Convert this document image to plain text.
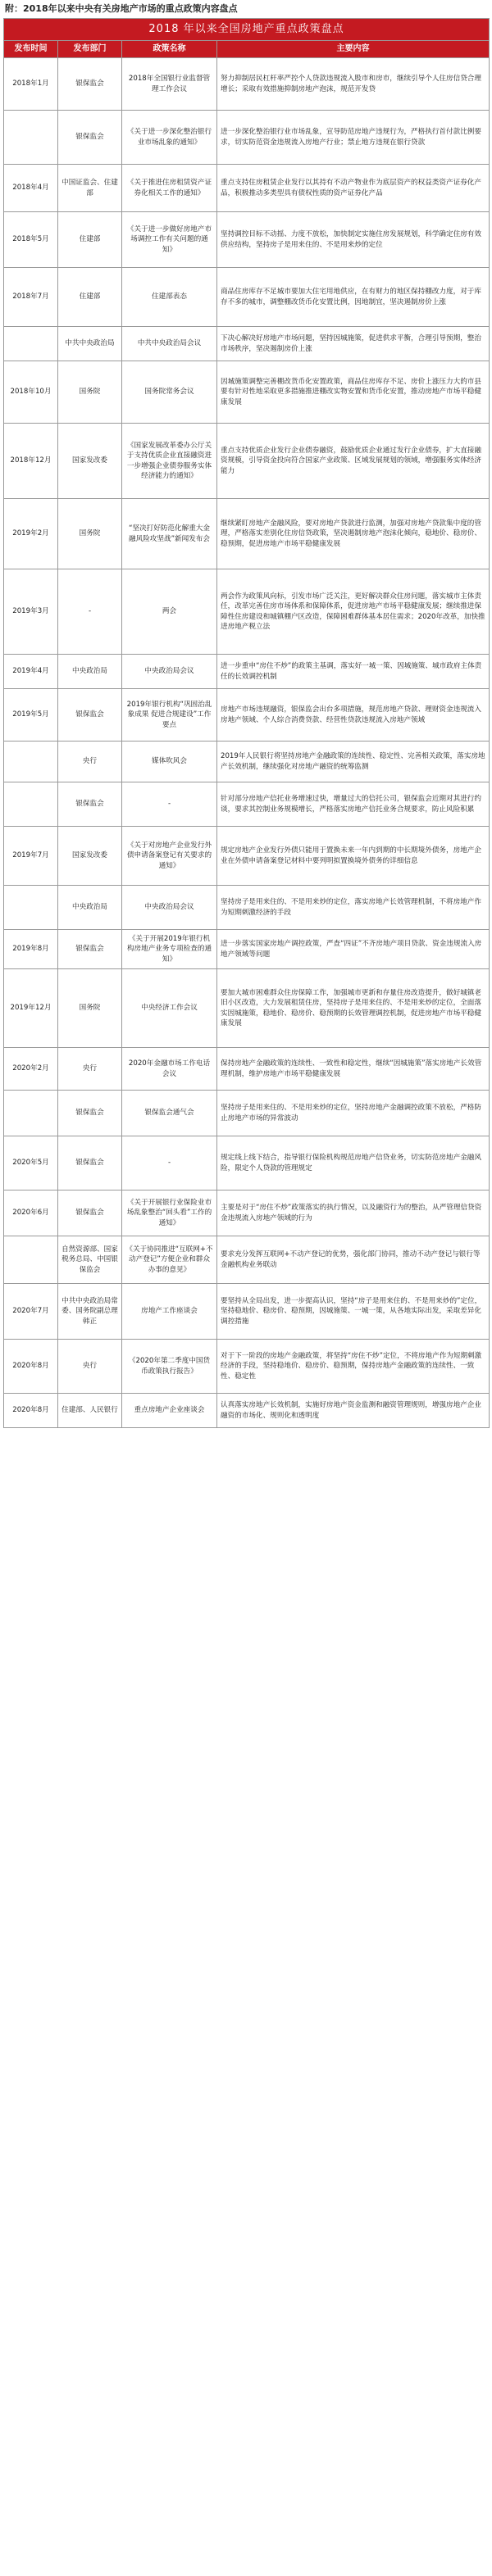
附：2018年以来中央有关房地产市场的重点政策内容盘点
2018 年以来全国房地产重点政策盘点			
发布时间	发布部门	政策名称	主要内容
2018年1月	银保监会	2018年全国银行业监督管理工作会议	努力抑制居民杠杆率严控个人贷款违规流入股市和房市，继续引导个人住房信贷合理增长；采取有效措施抑制房地产泡沫，规范开发贷
	银保监会	《关于进一步深化整治银行业市场乱象的通知》	进一步深化整治银行业市场乱象，宣导防范房地产违规行为，严格执行首付款比例要求，切实防范资金违规流入房地产行业；禁止地方违规在银行贷款
2018年4月	中国证监会、住建部	《关于推进住房租赁资产证券化相关工作的通知》	重点支持住房租赁企业发行以其持有不动产物业作为底层资产的权益类资产证券化产品，积极推动多类型具有债权性质的资产证券化产品
2018年5月	住建部	《关于进一步做好房地产市场调控工作有关问题的通知》	坚持调控目标不动摇、力度不放松，加快制定实施住房发展规划，科学确定住房有效供应结构，坚持房子是用来住的、不是用来炒的定位
2018年7月	住建部	住建部表态	商品住房库存不足城市要加大住宅用地供应，在有财力的地区保持棚改力度，对于库存不多的城市，调整棚改货币化安置比例，因地制宜，坚决遏制房价上涨
	中共中央政治局	中共中央政治局会议	下决心解决好房地产市场问题，坚持因城施策，促进供求平衡，合理引导预期，整治市场秩序，坚决遏制房价上涨
2018年10月	国务院	国务院常务会议	因城施策调整完善棚改货币化安置政策，商品住房库存不足、房价上涨压力大的市县要有针对性地采取更多措施推进棚改实物安置和货币化安置，推动房地产市场平稳健康发展
2018年12月	国家发改委	《国家发展改革委办公厅关于支持优质企业直接融资进一步增强企业债券服务实体经济能力的通知》	重点支持优质企业发行企业债券融资，鼓励优质企业通过发行企业债券，扩大直接融资规模，引导资金投向符合国家产业政策、区域发展规划的领域，增强服务实体经济能力
2019年2月	国务院	“坚决打好防范化解重大金融风险攻坚战”新闻发布会	继续紧盯房地产金融风险，要对房地产贷款进行监测，加强对房地产贷款集中度的管理，严格落实差别化住房信贷政策，坚决遏制房地产泡沫化倾向，稳地价、稳房价、稳预期，促进房地产市场平稳健康发展
2019年3月	-	两会	两会作为政策风向标，引发市场广泛关注，更好解决群众住房问题，落实城市主体责任，改革完善住房市场体系和保障体系，促进房地产市场平稳健康发展；继续推进保障性住房建设和城镇棚户区改造，保障困难群体基本居住需求；2020年改革，加快推进房地产税立法
2019年4月	中央政治局	中央政治局会议	进一步重申“房住不炒”的政策主基调，落实好一城一策、因城施策、城市政府主体责任的长效调控机制
2019年5月	银保监会	2019年银行机构“巩固治乱象成果 促进合规建设”工作要点	房地产市场违规融资，银保监会出台多项措施，规范房地产贷款、理财资金违规流入房地产领域、个人综合消费贷款、经营性贷款违规流入房地产领域
	央行	媒体吹风会	2019年人民银行将坚持房地产金融政策的连续性、稳定性、完善相关政策，落实房地产长效机制，继续强化对房地产融资的统筹监测
	银保监会	-	针对部分房地产信托业务增速过快，增量过大的信托公司，银保监会近期对其进行约谈，要求其控制业务规模增长，严格落实房地产信托业务合规要求，防止风险积累
2019年7月	国家发改委	《关于对房地产企业发行外债申请备案登记有关要求的通知》	规定房地产企业发行外债只能用于置换未来一年内到期的中长期境外债务，房地产企业在外债申请备案登记材料中要列明拟置换境外债务的详细信息
	中央政治局	中央政治局会议	坚持房子是用来住的、不是用来炒的定位，落实房地产长效管理机制，不将房地产作为短期刺激经济的手段
2019年8月	银保监会	《关于开展2019年银行机构房地产业务专项检查的通知》	进一步落实国家房地产调控政策，严查“四证”不齐房地产项目贷款、资金违规流入房地产领域等问题
2019年12月	国务院	中央经济工作会议	要加大城市困难群众住房保障工作，加强城市更新和存量住房改造提升，做好城镇老旧小区改造，大力发展租赁住房，坚持房子是用来住的、不是用来炒的定位，全面落实因城施策，稳地价、稳房价、稳预期的长效管理调控机制，促进房地产市场平稳健康发展
2020年2月	央行	2020年金融市场工作电话会议	保持房地产金融政策的连续性、一致性和稳定性，继续“因城施策”落实房地产长效管理机制，维护房地产市场平稳健康发展
	银保监会	银保监会通气会	坚持房子是用来住的、不是用来炒的定位，坚持房地产金融调控政策不放松，严格防止房地产市场的异常波动
2020年5月	银保监会	-	规定线上线下结合，指导银行保险机构规范房地产信贷业务，切实防范房地产金融风险，限定个人贷款的管理规定
2020年6月	银保监会	《关于开展银行业保险业市场乱象整治“回头看”工作的通知》	主要是对于“房住不炒”政策落实的执行情况，以及融资行为的整治，从严管理信贷资金违规流入房地产领域的行为
	自然资源部、国家税务总局、中国银保监会	《关于协同推进“互联网+不动产登记”方便企业和群众办事的意见》	要求充分发挥互联网+不动产登记的优势，强化部门协同，推动不动产登记与银行等金融机构业务联动
2020年7月	中共中央政治局常委、国务院副总理韩正	房地产工作座谈会	要坚持从全局出发，进一步提高认识，坚持“房子是用来住的、不是用来炒的”定位，坚持稳地价、稳房价、稳预期，因城施策、一城一策，从各地实际出发，采取差异化调控措施
2020年8月	央行	《2020年第二季度中国货币政策执行报告》	对于下一阶段的房地产金融政策，将坚持“房住不炒”定位，不将房地产作为短期刺激经济的手段，坚持稳地价、稳房价、稳预期，保持房地产金融政策的连续性、一致性、稳定性
2020年8月	住建部、人民银行	重点房地产企业座谈会	认真落实房地产长效机制，实施好房地产资金监测和融资管理规则，增强房地产企业融资的市场化、规则化和透明度
